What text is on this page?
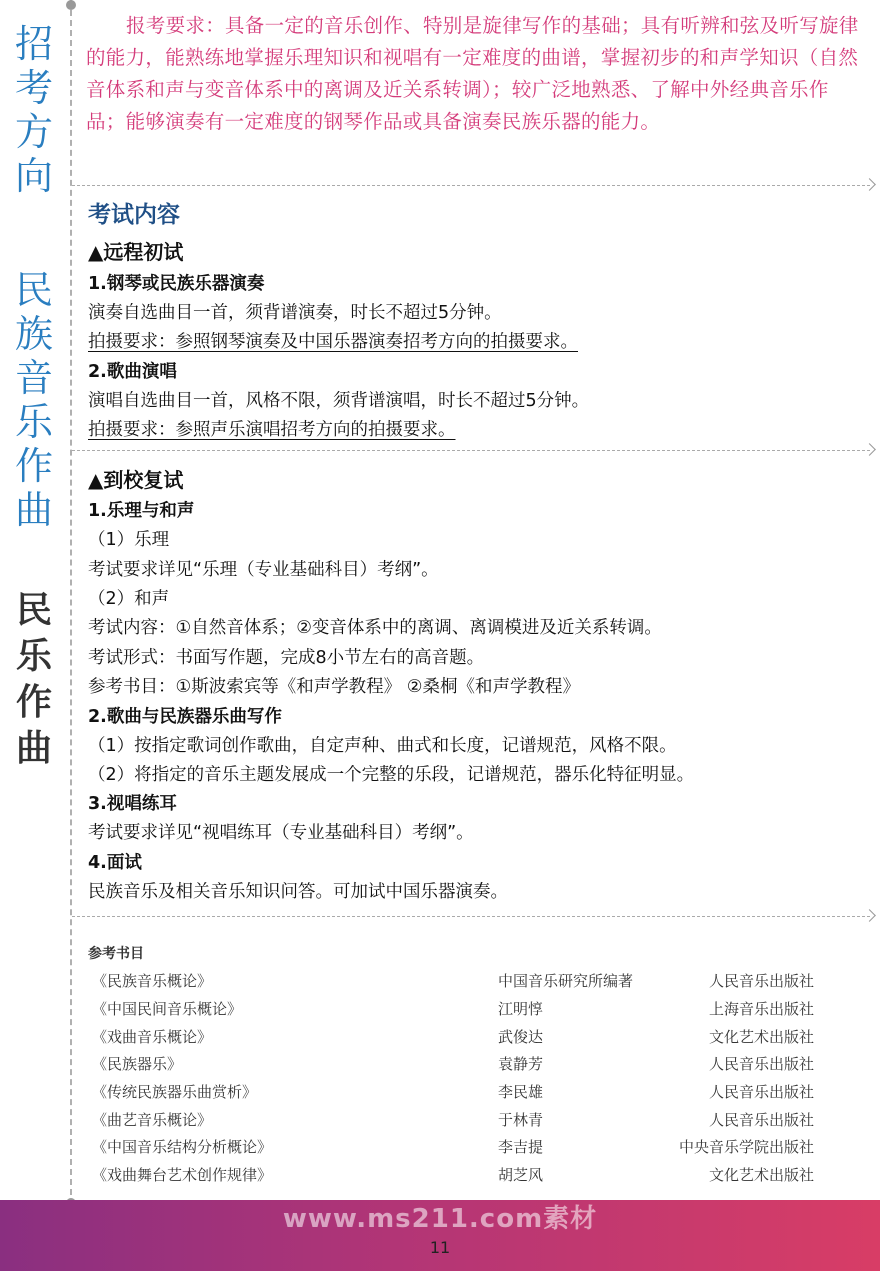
招
考
方
向
民
族
音
乐
作
曲
民
乐
作
曲
报考要求：具备一定的音乐创作、特别是旋律写作的基础；具有听辨和弦及听写旋律的能力，能熟练地掌握乐理知识和视唱有一定难度的曲谱，掌握初步的和声学知识（自然音体系和声与变音体系中的离调及近关系转调）；较广泛地熟悉、了解中外经典音乐作品；能够演奏有一定难度的钢琴作品或具备演奏民族乐器的能力。
考试内容
▲远程初试
1.钢琴或民族乐器演奏
演奏自选曲目一首，须背谱演奏，时长不超过5分钟。
拍摄要求：参照钢琴演奏及中国乐器演奏招考方向的拍摄要求。
2.歌曲演唱
演唱自选曲目一首，风格不限，须背谱演唱，时长不超过5分钟。
拍摄要求：参照声乐演唱招考方向的拍摄要求。
▲到校复试
1.乐理与和声
（1）乐理
考试要求详见“乐理（专业基础科目）考纲”。
（2）和声
考试内容：①自然音体系；②变音体系中的离调、离调模进及近关系转调。
考试形式：书面写作题，完成8小节左右的高音题。
参考书目：①斯波索宾等《和声学教程》 ②桑桐《和声学教程》
2.歌曲与民族器乐曲写作
（1）按指定歌词创作歌曲，自定声种、曲式和长度，记谱规范，风格不限。
（2）将指定的音乐主题发展成一个完整的乐段，记谱规范，器乐化特征明显。
3.视唱练耳
考试要求详见“视唱练耳（专业基础科目）考纲”。
4.面试
民族音乐及相关音乐知识问答。可加试中国乐器演奏。
参考书目
《民族音乐概论》	中国音乐研究所编著	人民音乐出版社
《中国民间音乐概论》	江明惇	上海音乐出版社
《戏曲音乐概论》	武俊达	文化艺术出版社
《民族器乐》	袁静芳	人民音乐出版社
《传统民族器乐曲赏析》	李民雄	人民音乐出版社
《曲艺音乐概论》	于林青	人民音乐出版社
《中国音乐结构分析概论》	李吉提	中央音乐学院出版社
《戏曲舞台艺术创作规律》	胡芝风	文化艺术出版社
www.ms211.com素材
11
